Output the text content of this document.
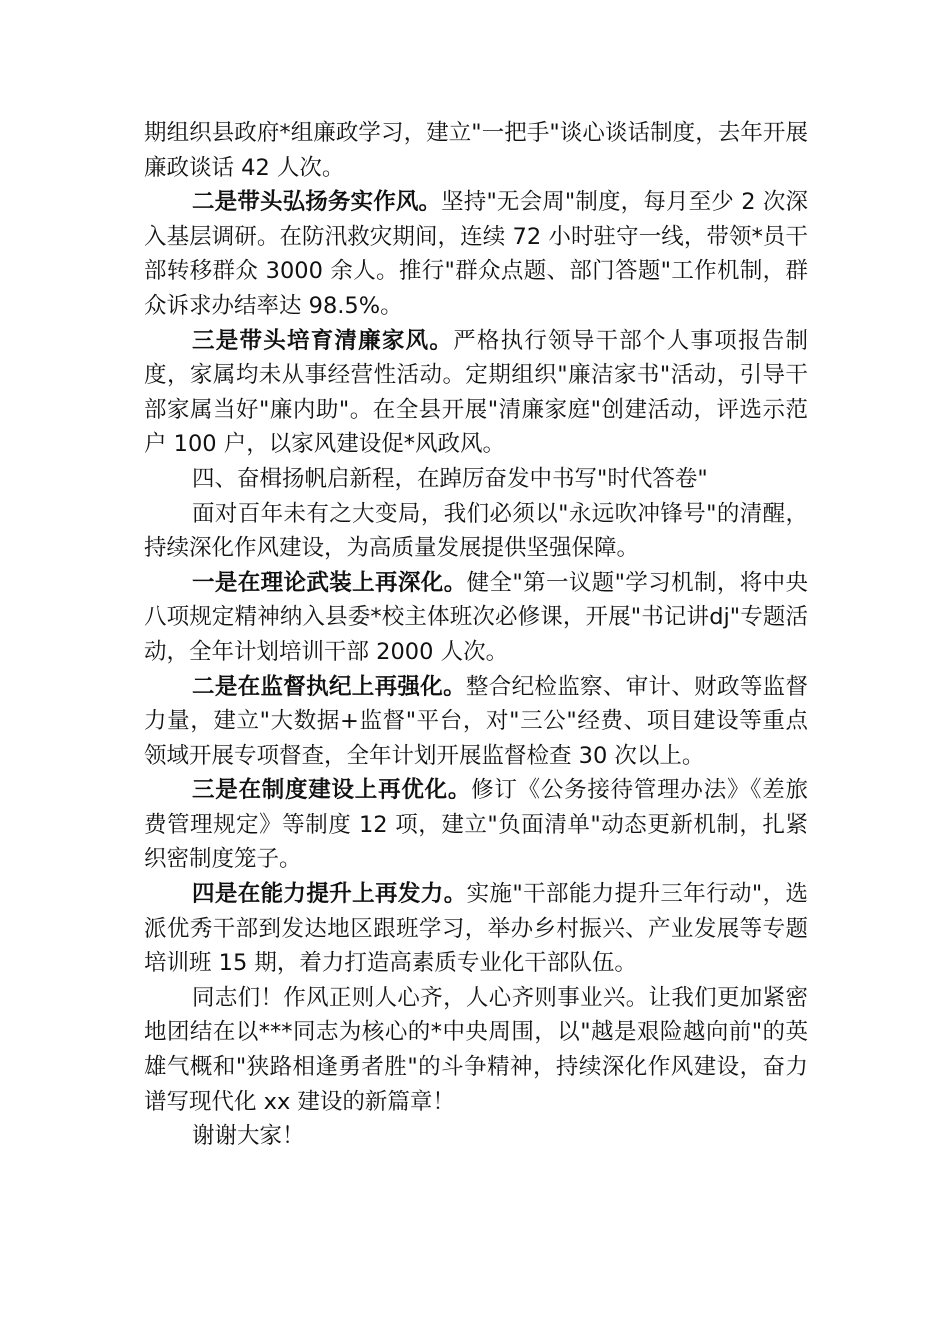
期组织县政府*组廉政学习，建立"一把手"谈心谈话制度，去年开展廉政谈话 42 人次。

二是带头弘扬务实作风。坚持"无会周"制度，每月至少 2 次深入基层调研。在防汛救灾期间，连续 72 小时驻守一线，带领*员干部转移群众 3000 余人。推行"群众点题、部门答题"工作机制，群众诉求办结率达 98.5%。

三是带头培育清廉家风。严格执行领导干部个人事项报告制度，家属均未从事经营性活动。定期组织"廉洁家书"活动，引导干部家属当好"廉内助"。在全县开展"清廉家庭"创建活动，评选示范户 100 户，以家风建设促*风政风。

四、奋楫扬帆启新程，在踔厉奋发中书写"时代答卷"

面对百年未有之大变局，我们必须以"永远吹冲锋号"的清醒，持续深化作风建设，为高质量发展提供坚强保障。

一是在理论武装上再深化。健全"第一议题"学习机制，将中央八项规定精神纳入县委*校主体班次必修课，开展"书记讲dj"专题活动，全年计划培训干部 2000 人次。

二是在监督执纪上再强化。整合纪检监察、审计、财政等监督力量，建立"大数据+监督"平台，对"三公"经费、项目建设等重点领域开展专项督查，全年计划开展监督检查 30 次以上。

三是在制度建设上再优化。修订《公务接待管理办法》《差旅费管理规定》等制度 12 项，建立"负面清单"动态更新机制，扎紧织密制度笼子。

四是在能力提升上再发力。实施"干部能力提升三年行动"，选派优秀干部到发达地区跟班学习，举办乡村振兴、产业发展等专题培训班 15 期，着力打造高素质专业化干部队伍。

同志们！作风正则人心齐，人心齐则事业兴。让我们更加紧密地团结在以***同志为核心的*中央周围，以"越是艰险越向前"的英雄气概和"狭路相逢勇者胜"的斗争精神，持续深化作风建设，奋力谱写现代化 xx 建设的新篇章！

谢谢大家！
